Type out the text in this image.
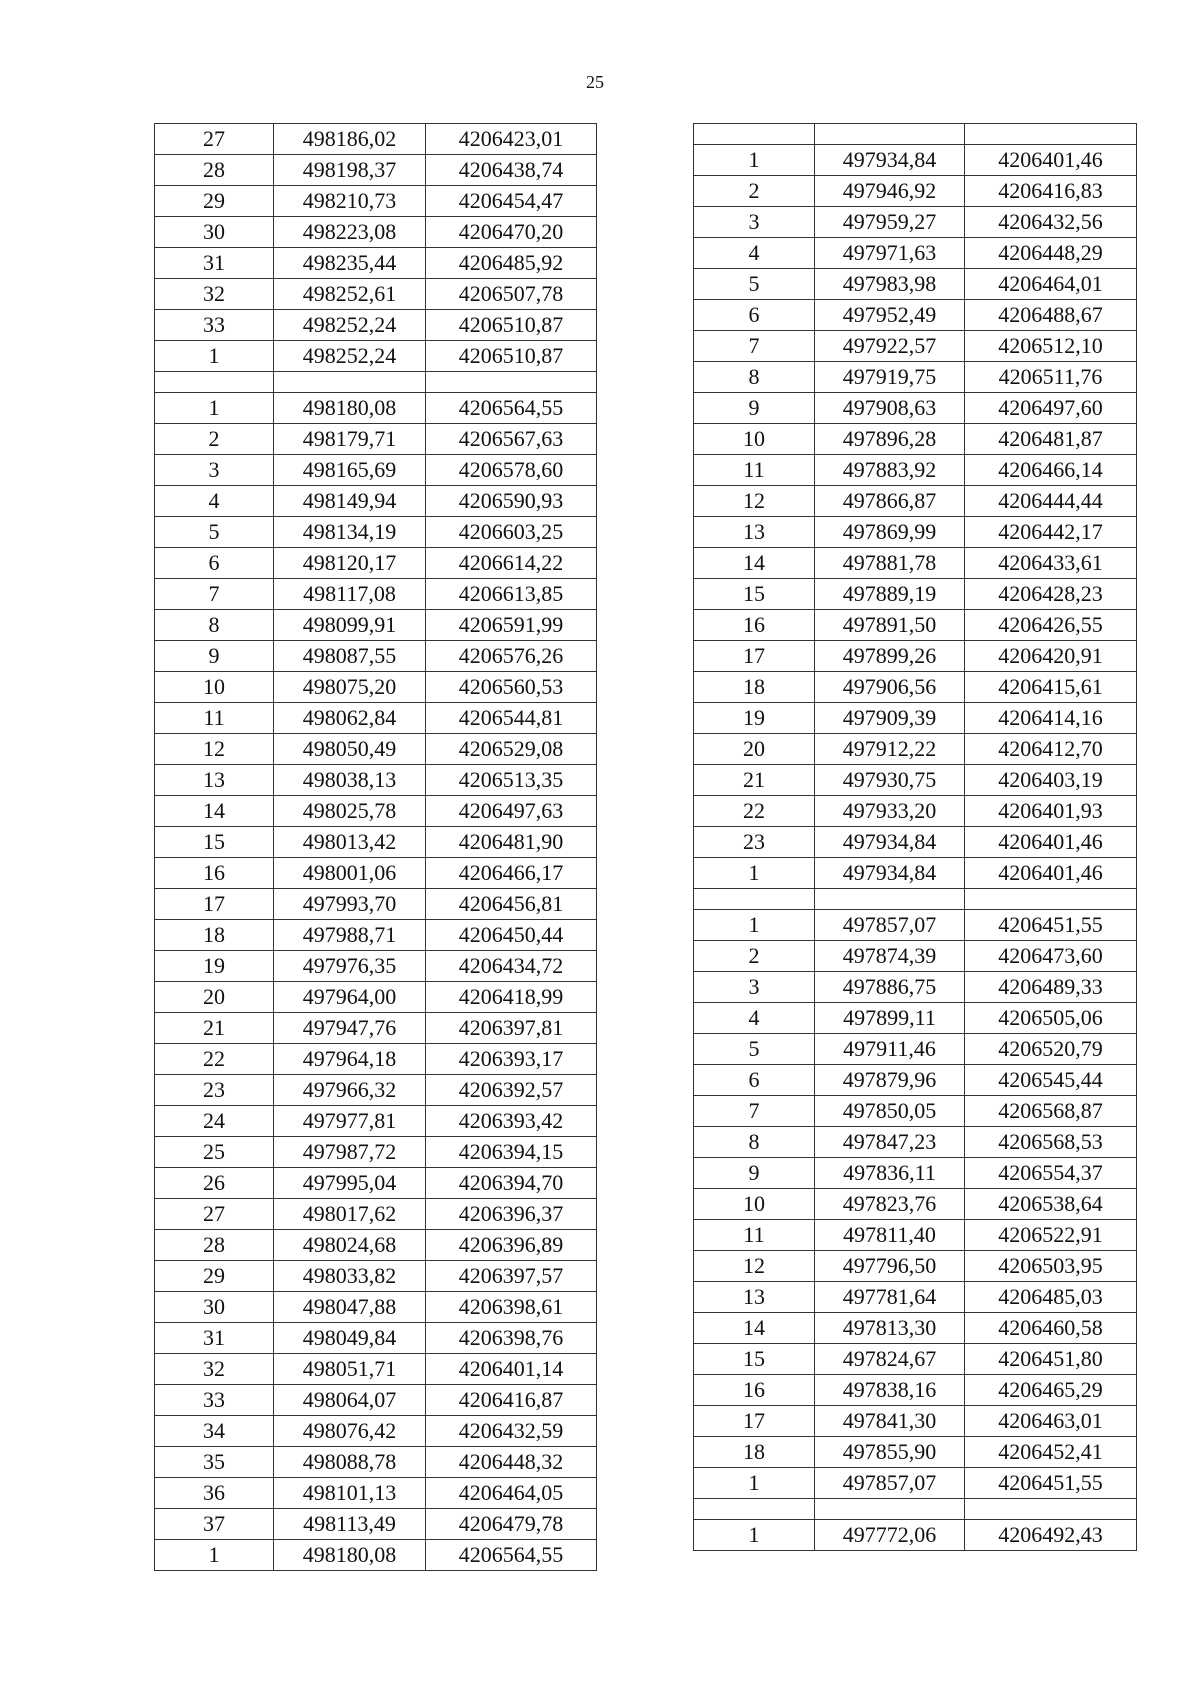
25
27	498186,02	4206423,01
28	498198,37	4206438,74
29	498210,73	4206454,47
30	498223,08	4206470,20
31	498235,44	4206485,92
32	498252,61	4206507,78
33	498252,24	4206510,87
1	498252,24	4206510,87

1	498180,08	4206564,55
2	498179,71	4206567,63
3	498165,69	4206578,60
4	498149,94	4206590,93
5	498134,19	4206603,25
6	498120,17	4206614,22
7	498117,08	4206613,85
8	498099,91	4206591,99
9	498087,55	4206576,26
10	498075,20	4206560,53
11	498062,84	4206544,81
12	498050,49	4206529,08
13	498038,13	4206513,35
14	498025,78	4206497,63
15	498013,42	4206481,90
16	498001,06	4206466,17
17	497993,70	4206456,81
18	497988,71	4206450,44
19	497976,35	4206434,72
20	497964,00	4206418,99
21	497947,76	4206397,81
22	497964,18	4206393,17
23	497966,32	4206392,57
24	497977,81	4206393,42
25	497987,72	4206394,15
26	497995,04	4206394,70
27	498017,62	4206396,37
28	498024,68	4206396,89
29	498033,82	4206397,57
30	498047,88	4206398,61
31	498049,84	4206398,76
32	498051,71	4206401,14
33	498064,07	4206416,87
34	498076,42	4206432,59
35	498088,78	4206448,32
36	498101,13	4206464,05
37	498113,49	4206479,78
1	498180,08	4206564,55

1	497934,84	4206401,46
2	497946,92	4206416,83
3	497959,27	4206432,56
4	497971,63	4206448,29
5	497983,98	4206464,01
6	497952,49	4206488,67
7	497922,57	4206512,10
8	497919,75	4206511,76
9	497908,63	4206497,60
10	497896,28	4206481,87
11	497883,92	4206466,14
12	497866,87	4206444,44
13	497869,99	4206442,17
14	497881,78	4206433,61
15	497889,19	4206428,23
16	497891,50	4206426,55
17	497899,26	4206420,91
18	497906,56	4206415,61
19	497909,39	4206414,16
20	497912,22	4206412,70
21	497930,75	4206403,19
22	497933,20	4206401,93
23	497934,84	4206401,46
1	497934,84	4206401,46

1	497857,07	4206451,55
2	497874,39	4206473,60
3	497886,75	4206489,33
4	497899,11	4206505,06
5	497911,46	4206520,79
6	497879,96	4206545,44
7	497850,05	4206568,87
8	497847,23	4206568,53
9	497836,11	4206554,37
10	497823,76	4206538,64
11	497811,40	4206522,91
12	497796,50	4206503,95
13	497781,64	4206485,03
14	497813,30	4206460,58
15	497824,67	4206451,80
16	497838,16	4206465,29
17	497841,30	4206463,01
18	497855,90	4206452,41
1	497857,07	4206451,55

1	497772,06	4206492,43
